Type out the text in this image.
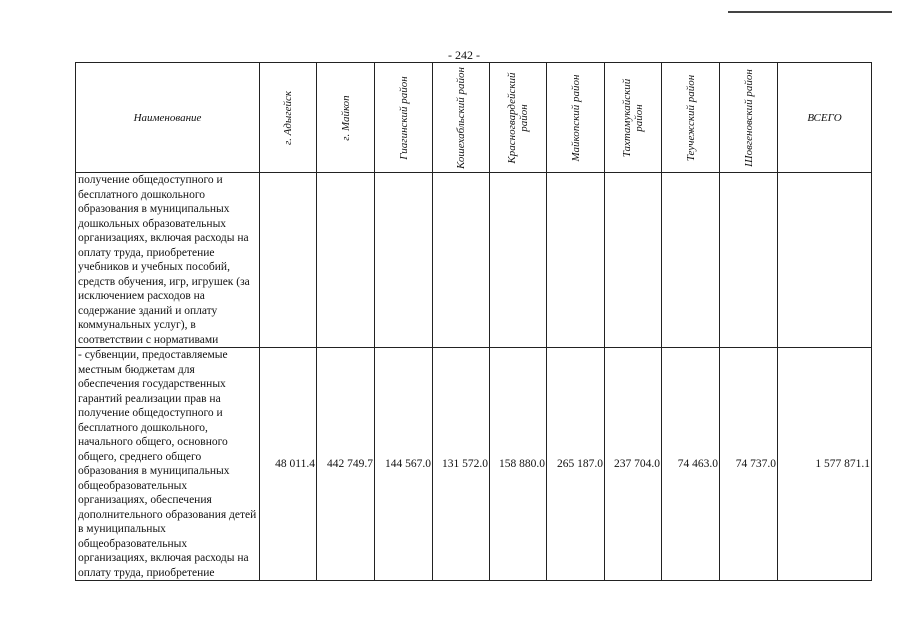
- 242 -
Наименование	г. Адыгейск	г. Майкоп	Гиагинский район	Кошехабльский район	Красногвардейский район	Майкопский район	Тахтамукайский район	Теучежский район	Шовгеновский район	ВСЕГО
получение общедоступного и бесплатного дошкольного образования в муниципальных дошкольных образовательных организациях, включая расходы на оплату труда, приобретение учебников и учебных пособий, средств обучения, игр, игрушек (за исключением расходов на содержание зданий и оплату коммунальных услуг), в соответствии с нормативами										
- субвенции, предоставляемые местным бюджетам для обеспечения государственных гарантий реализации прав на получение общедоступного и бесплатного дошкольного, начального общего, основного общего, среднего общего образования в муниципальных общеобразовательных организациях, обеспечения дополнительного образования детей в муниципальных общеобразовательных организациях, включая расходы на оплату труда, приобретение	48 011.4	442 749.7	144 567.0	131 572.0	158 880.0	265 187.0	237 704.0	74 463.0	74 737.0	1 577 871.1
